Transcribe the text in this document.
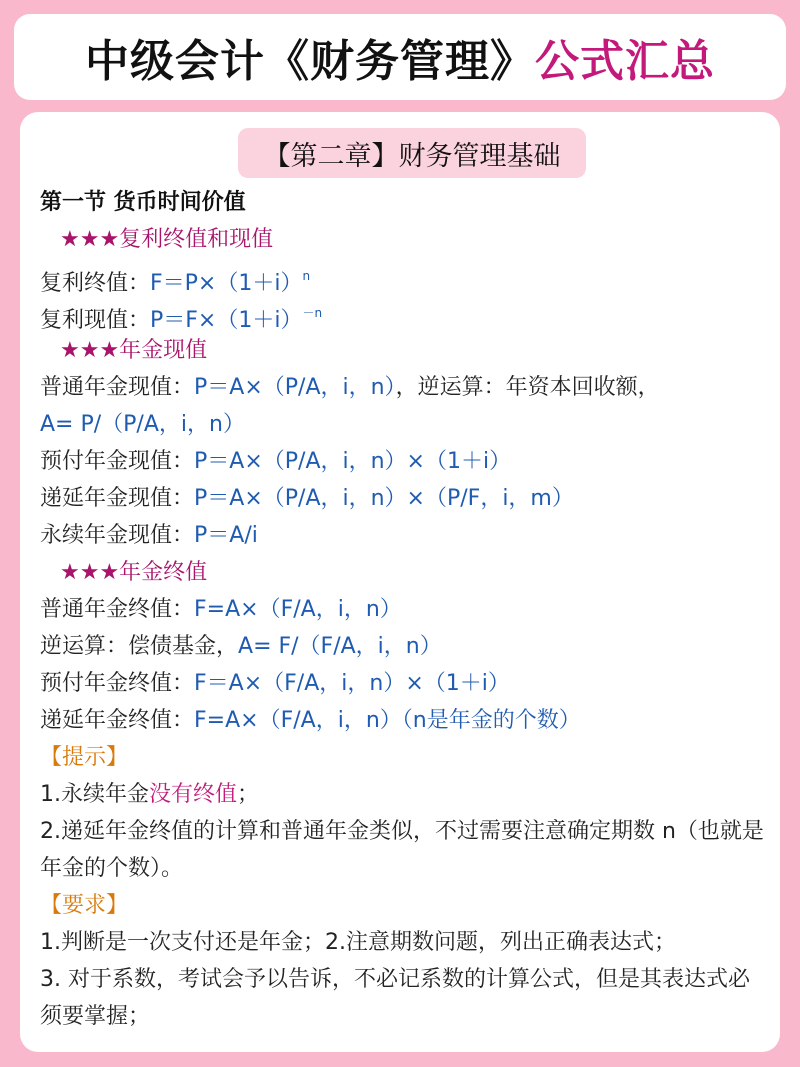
中级会计《财务管理》 公式汇总
【第二章】财务管理基础
第一节 货币时间价值
★★★复利终值和现值
复利终值：$F=P\times(1+i)^n$
复利现值：$P=F\times(1+i)^{-n}$
★★★年金现值
普通年金现值：P＝A×（P/A，i，n），逆运算：年资本回收额，
A= P/（P/A，i，n）
预付年金现值：P＝A×（P/A，i，n）×（1＋i）
递延年金现值：P＝A×（P/A，i，n）×（P/F，i，m）
永续年金现值：P＝A/i
★★★年金终值
普通年金终值：F=A×（F/A，i，n）
逆运算：偿债基金，A= F/（F/A，i，n）
预付年金终值：F＝A×（F/A，i，n）×（1＋i）
递延年金终值：F=A×（F/A，i，n）（n是年金的个数）
【提示】
1.永续年金没有终值；
2.递延年金终值的计算和普通年金类似，不过需要注意确定期数 n（也就是年金的个数）。
【要求】
1.判断是一次支付还是年金；2.注意期数问题，列出正确表达式；
3. 对于系数，考试会予以告诉，不必记系数的计算公式，但是其表达式必须要掌握；
